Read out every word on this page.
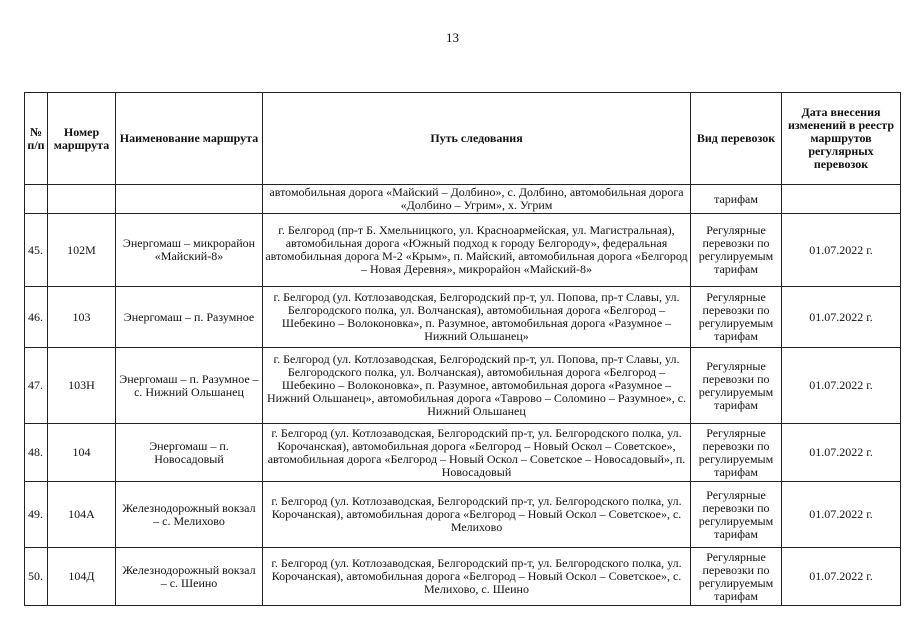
13
№ п/п	Номер маршрута	Наименование маршрута	Путь следования	Вид перевозок	Дата внесения изменений в реестр маршрутов регулярных перевозок
			автомобильная дорога «Майский – Долбино», с. Долбино, автомобильная дорога «Долбино – Угрим», х. Угрим	тарифам	
45.	102М	Энергомаш – микрорайон «Майский-8»	г. Белгород (пр-т Б. Хмельницкого, ул. Красноармейская, ул. Магистральная), автомобильная дорога «Южный подход к городу Белгороду», федеральная автомобильная дорога М-2 «Крым», п. Майский, автомобильная дорога «Белгород – Новая Деревня», микрорайон «Майский-8»	Регулярные перевозки по регулируемым тарифам	01.07.2022 г.
46.	103	Энергомаш – п. Разумное	г. Белгород (ул. Котлозаводская, Белгородский пр-т, ул. Попова, пр-т Славы, ул. Белгородского полка, ул. Волчанская), автомобильная дорога «Белгород – Шебекино – Волоконовка», п. Разумное, автомобильная дорога «Разумное – Нижний Ольшанец»	Регулярные перевозки по регулируемым тарифам	01.07.2022 г.
47.	103Н	Энергомаш – п. Разумное – с. Нижний Ольшанец	г. Белгород (ул. Котлозаводская, Белгородский пр-т, ул. Попова, пр-т Славы, ул. Белгородского полка, ул. Волчанская), автомобильная дорога «Белгород – Шебекино – Волоконовка», п. Разумное, автомобильная дорога «Разумное – Нижний Ольшанец», автомобильная дорога «Таврово – Соломино – Разумное», с. Нижний Ольшанец	Регулярные перевозки по регулируемым тарифам	01.07.2022 г.
48.	104	Энергомаш – п. Новосадовый	г. Белгород (ул. Котлозаводская, Белгородский пр-т, ул. Белгородского полка, ул. Корочанская), автомобильная дорога «Белгород – Новый Оскол – Советское», автомобильная дорога «Белгород – Новый Оскол – Советское – Новосадовый», п. Новосадовый	Регулярные перевозки по регулируемым тарифам	01.07.2022 г.
49.	104А	Железнодорожный вокзал – с. Мелихово	г. Белгород (ул. Котлозаводская, Белгородский пр-т, ул. Белгородского полка, ул. Корочанская), автомобильная дорога «Белгород – Новый Оскол – Советское», с. Мелихово	Регулярные перевозки по регулируемым тарифам	01.07.2022 г.
50.	104Д	Железнодорожный вокзал – с. Шеино	г. Белгород (ул. Котлозаводская, Белгородский пр-т, ул. Белгородского полка, ул. Корочанская), автомобильная дорога «Белгород – Новый Оскол – Советское», с. Мелихово, с. Шеино	Регулярные перевозки по регулируемым тарифам	01.07.2022 г.
